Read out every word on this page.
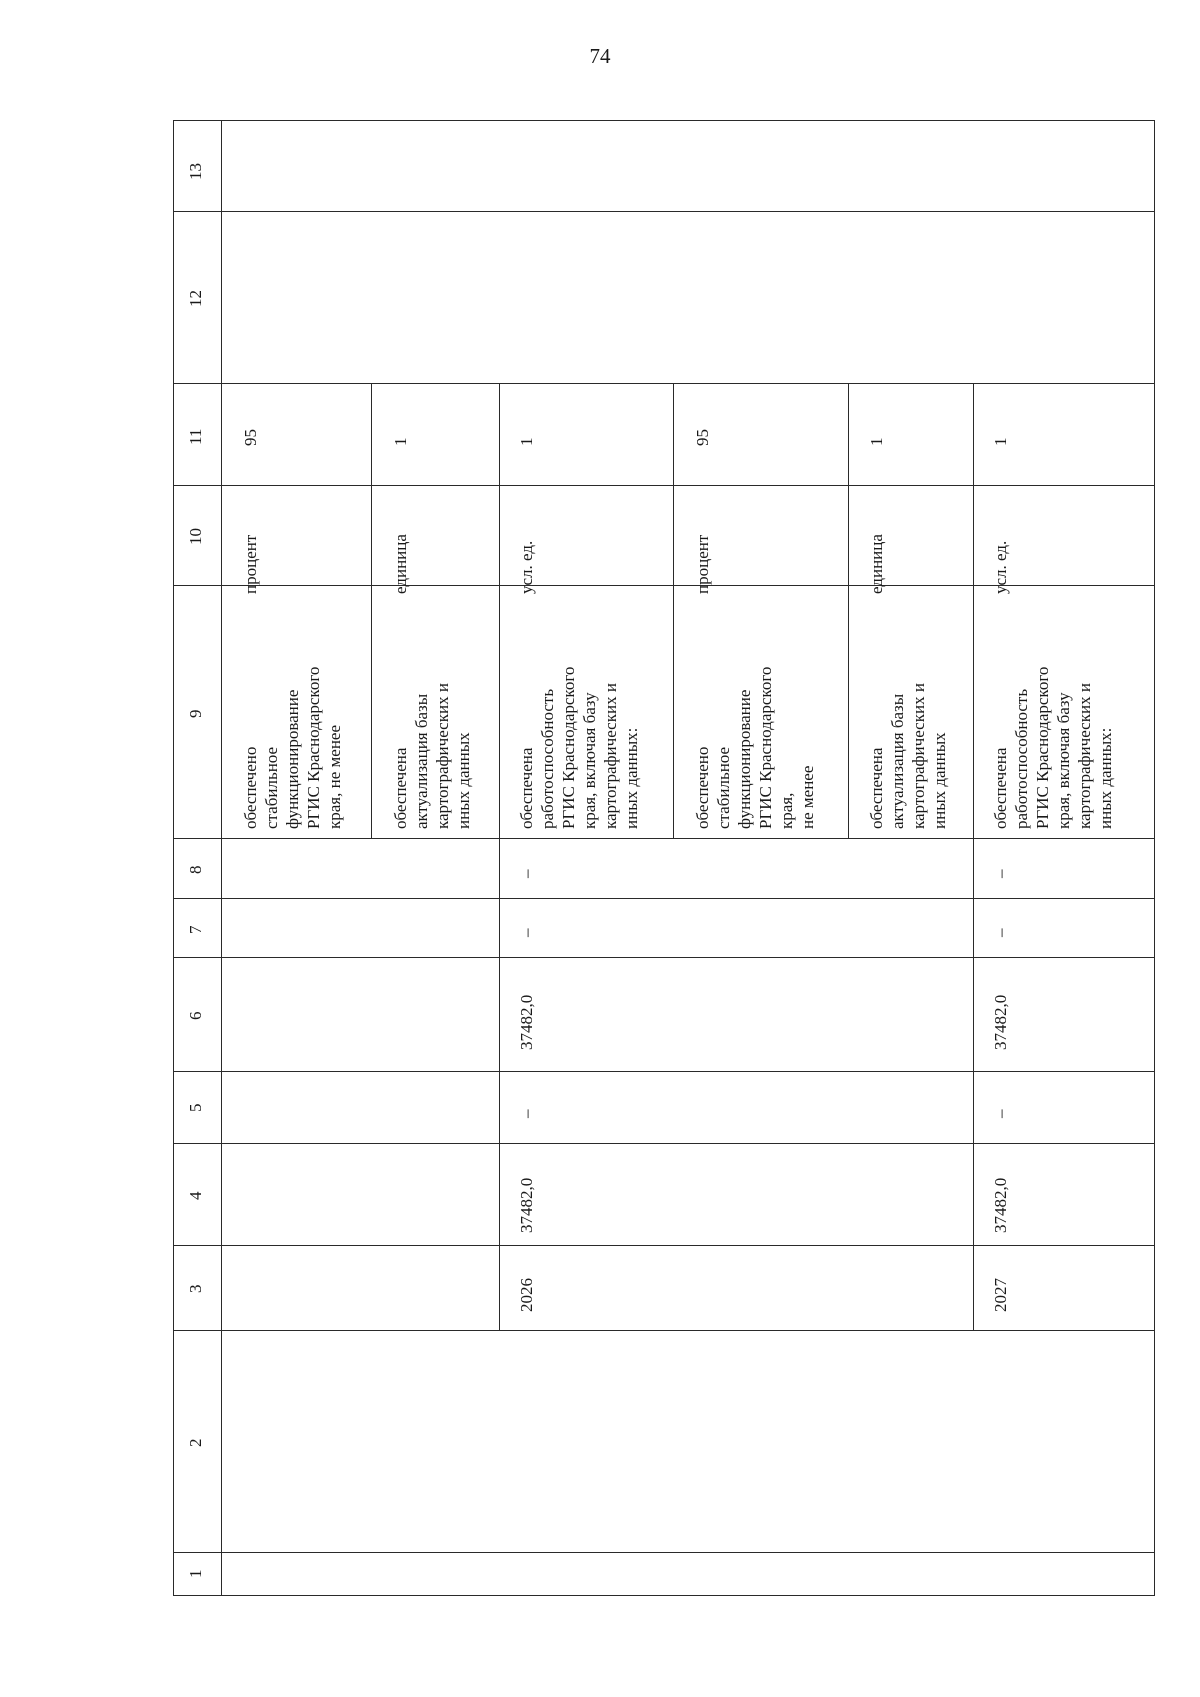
74
13
12
11
10
9
8
7
6
5
4
3
2
1
процент
95
обеспечено
стабильное
функционирование
РГИС Краснодарского
края, не менее
единица
1
обеспечена
актуализация базы
картографических и
иных данных
усл. ед.
1
обеспечена
работоспособность
РГИС Краснодарского
края, включая базу
картографических и
иных данных:
–
–
37482,0
–
37482,0
2026
процент
95
обеспечено
стабильное
функционирование
РГИС Краснодарского
края,
не менее
единица
1
обеспечена
актуализация базы
картографических и
иных данных
усл. ед.
1
обеспечена
работоспособность
РГИС Краснодарского
края, включая базу
картографических и
иных данных:
–
–
37482,0
–
37482,0
2027
